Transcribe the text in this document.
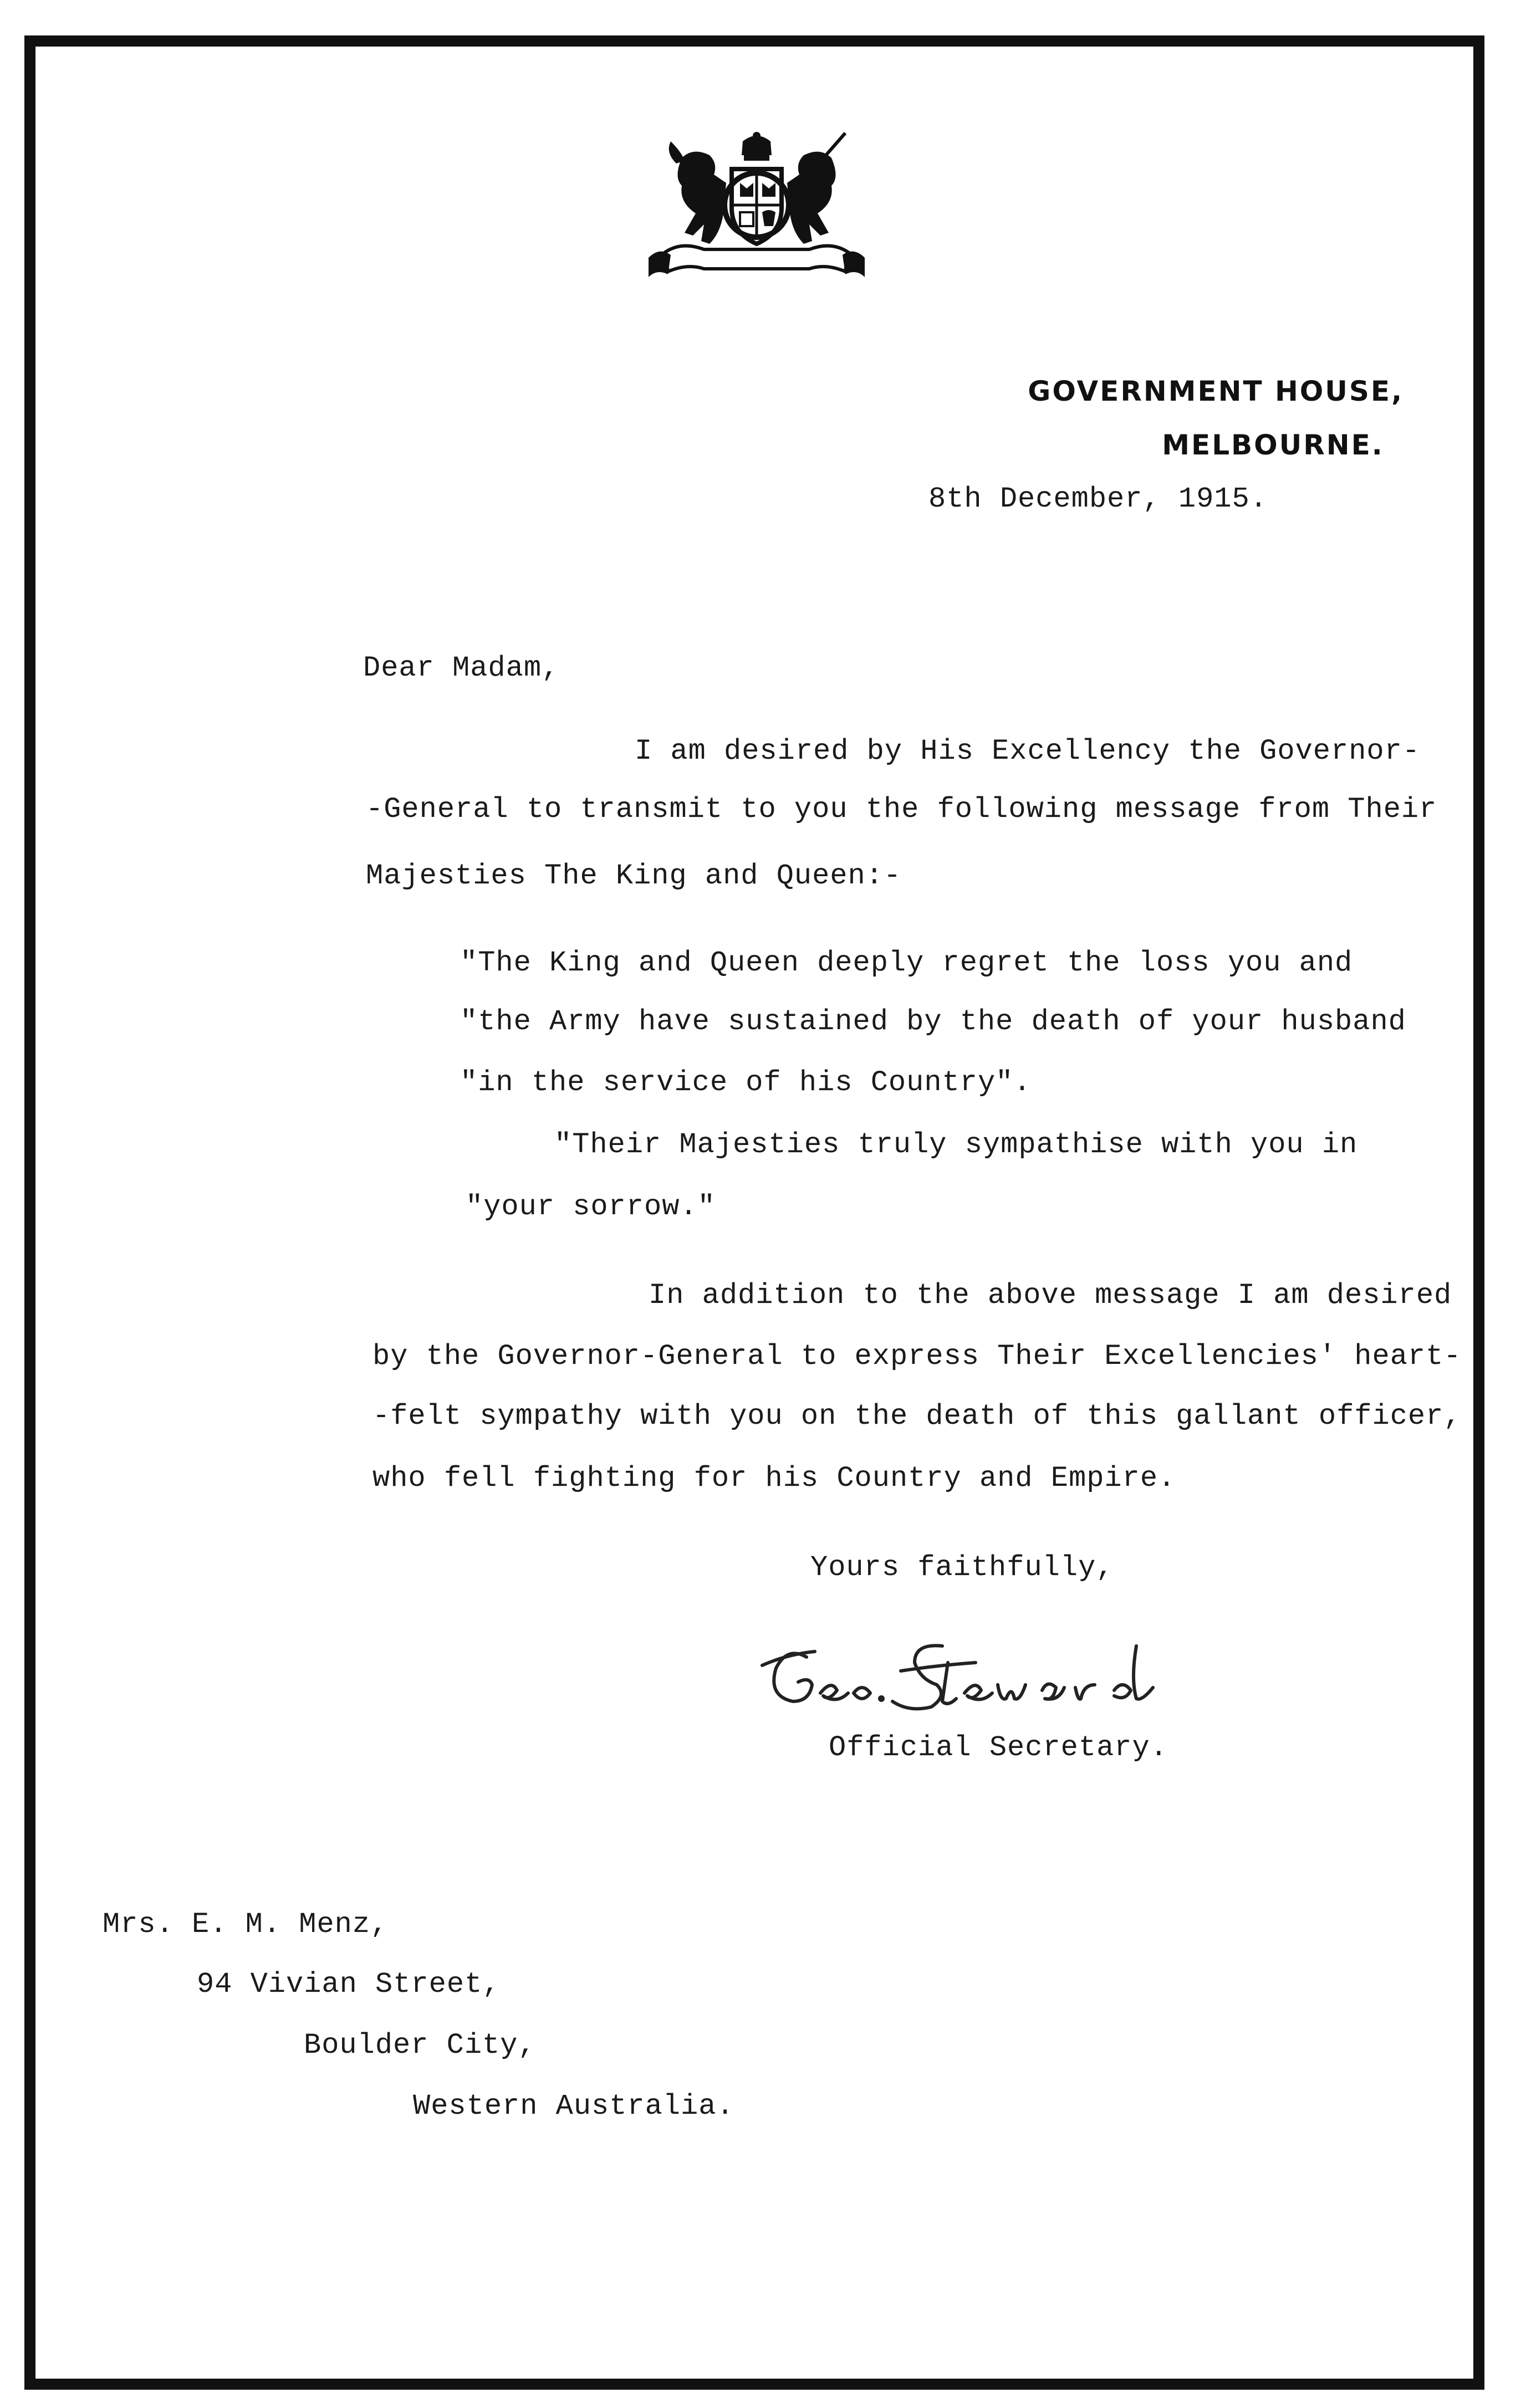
GOVERNMENT HOUSE,

MELBOURNE.

8th December, 1915.
Dear Madam,
I am desired by His Excellency the Governor-
-General to transmit to you the following message from Their
Majesties The King and Queen:-
"The King and Queen deeply regret the loss you and
"the Army have sustained by the death of your husband
"in the service of his Country".
"Their Majesties truly sympathise with you in
"your sorrow."
In addition to the above message I am desired
by the Governor-General to express Their Excellencies' heart-
-felt sympathy with you on the death of this gallant officer,
who fell fighting for his Country and Empire.
Yours faithfully,
Official Secretary.
Mrs. E. M. Menz,
94 Vivian Street,
Boulder City,
Western Australia.
